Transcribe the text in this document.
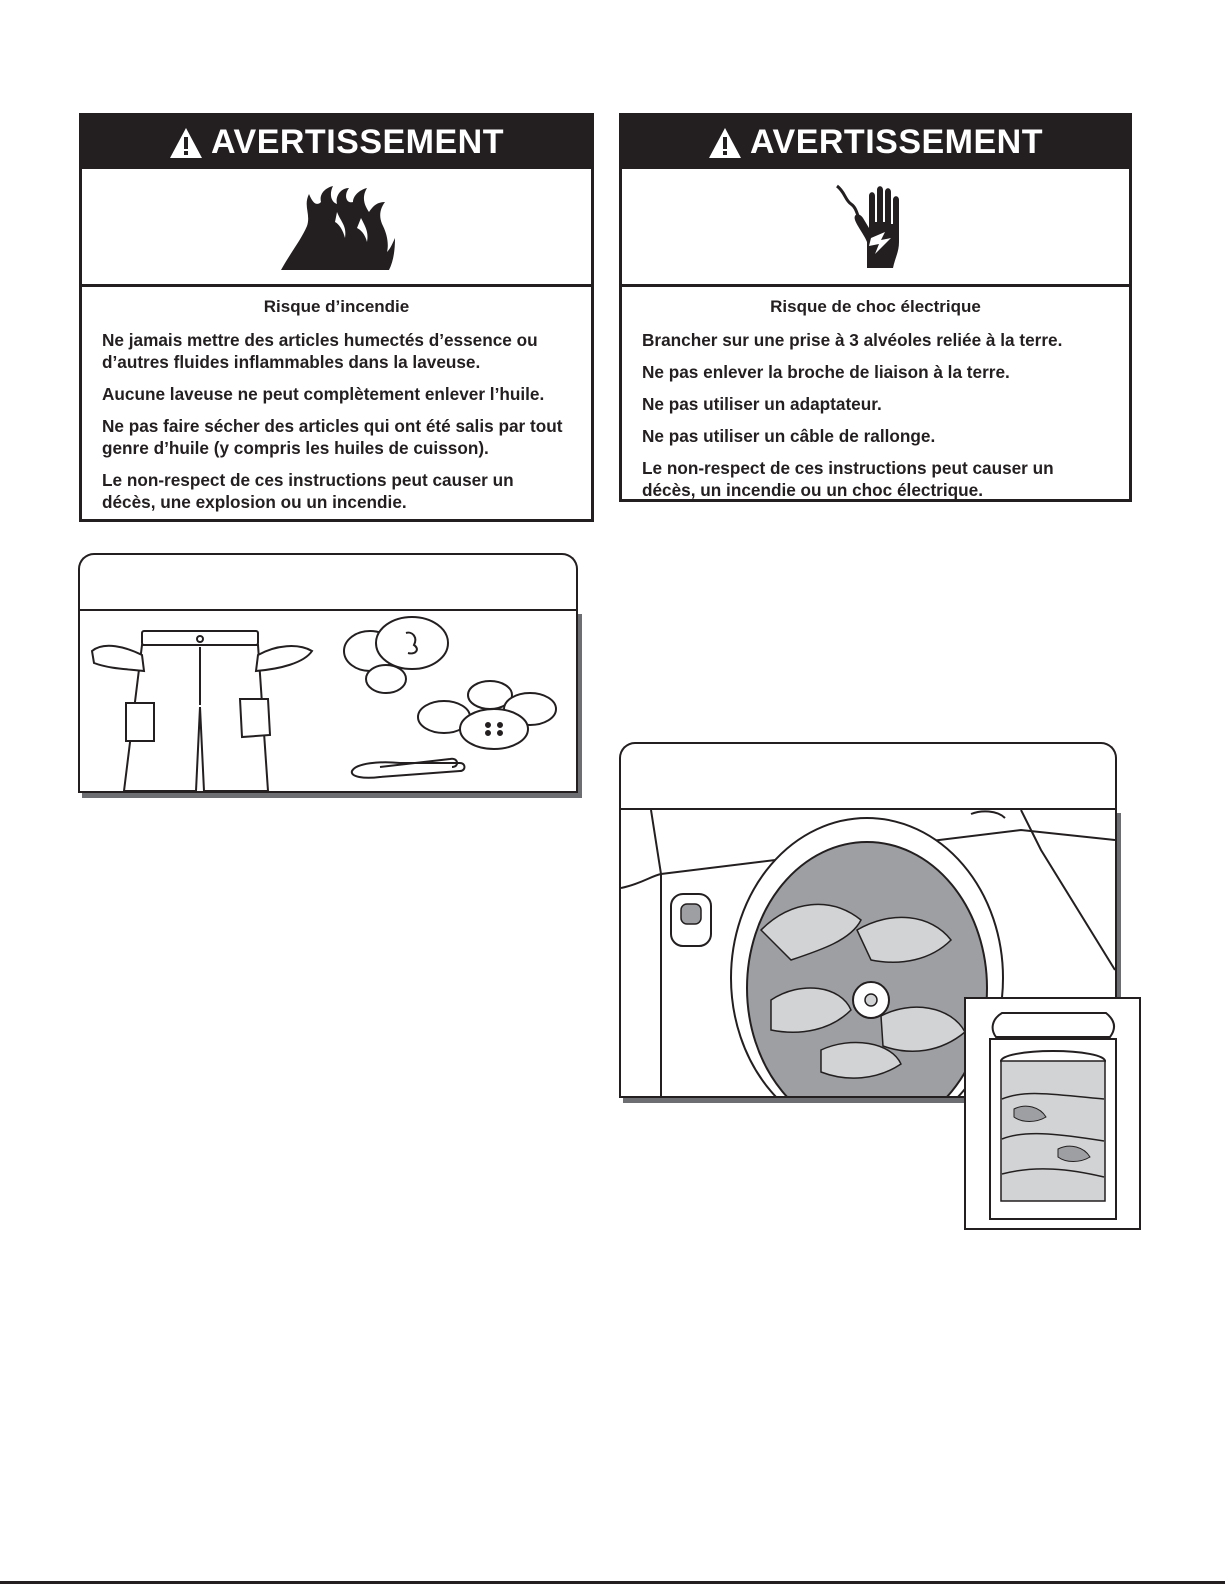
AVERTISSEMENT

Risque d’incendie

Ne jamais mettre des articles humectés d’essence ou d’autres fluides inflammables dans la laveuse.

Aucune laveuse ne peut complètement enlever l’huile.

Ne pas faire sécher des articles qui ont été salis par tout genre d’huile (y compris les huiles de cuisson).

Le non-respect de ces instructions peut causer un décès, une explosion ou un incendie.

AVERTISSEMENT

Risque de choc électrique

Brancher sur une prise à 3 alvéoles reliée à la terre.

Ne pas enlever la broche de liaison à la terre.

Ne pas utiliser un adaptateur.

Ne pas utiliser un câble de rallonge.

Le non-respect de ces instructions peut causer un décès, un incendie ou un choc électrique.
